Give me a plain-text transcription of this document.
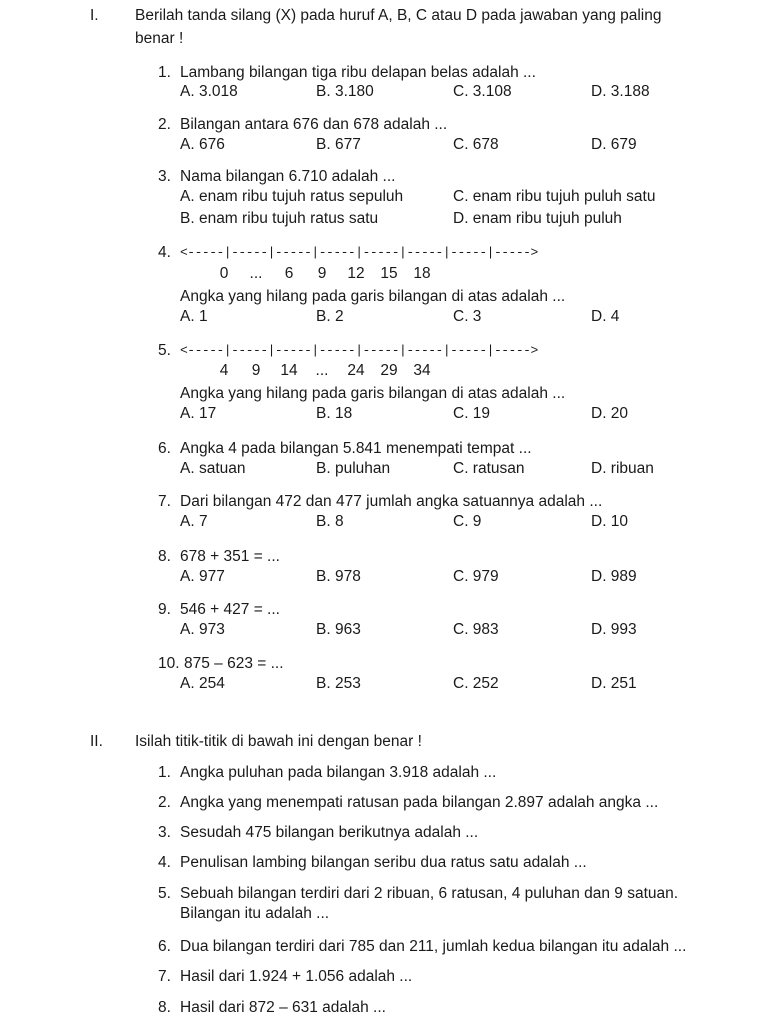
I. Berilah tanda silang (X) pada huruf A, B, C atau D pada jawaban yang paling
benar !
1. Lambang bilangan tiga ribu delapan belas adalah ...
A. 3.018	B. 3.180	C. 3.108	D. 3.188
2. Bilangan antara 676 dan 678 adalah ...
A. 676	B. 677	C. 678	D. 679
3. Nama bilangan 6.710 adalah ...
A. enam ribu tujuh ratus sepuluh	C. enam ribu tujuh puluh satu
B. enam ribu tujuh ratus satu	D. enam ribu tujuh puluh
4. <-----|-----|-----|-----|-----|-----|-----|----->
0	...	6	9	12 15 18
Angka yang hilang pada garis bilangan di atas adalah ...
A. 1	B. 2	C. 3	D. 4
5. <-----|-----|-----|-----|-----|-----|-----|----->
4	9	14	...	24 29 34
Angka yang hilang pada garis bilangan di atas adalah ...
A. 17	B. 18	C. 19	D. 20
6. Angka 4 pada bilangan 5.841 menempati tempat ...
A. satuan	B. puluhan	C. ratusan	D. ribuan
7. Dari bilangan 472 dan 477 jumlah angka satuannya adalah ...
A. 7	B. 8	C. 9	D. 10
8. 678 + 351 = ...
A. 977	B. 978	C. 979	D. 989
9. 546 + 427 = ...
A. 973	B. 963	C. 983	D. 993
10. 875 – 623 = ...
A. 254	B. 253	C. 252	D. 251
II. Isilah titik-titik di bawah ini dengan benar !
1. Angka puluhan pada bilangan 3.918 adalah ...
2. Angka yang menempati ratusan pada bilangan 2.897 adalah angka ...
3. Sesudah 475 bilangan berikutnya adalah ...
4. Penulisan lambing bilangan seribu dua ratus satu adalah ...
5. Sebuah bilangan terdiri dari 2 ribuan, 6 ratusan, 4 puluhan dan 9 satuan.
Bilangan itu adalah ...
6. Dua bilangan terdiri dari 785 dan 211, jumlah kedua bilangan itu adalah ...
7. Hasil dari 1.924 + 1.056 adalah ...
8. Hasil dari 872 – 631 adalah ...
